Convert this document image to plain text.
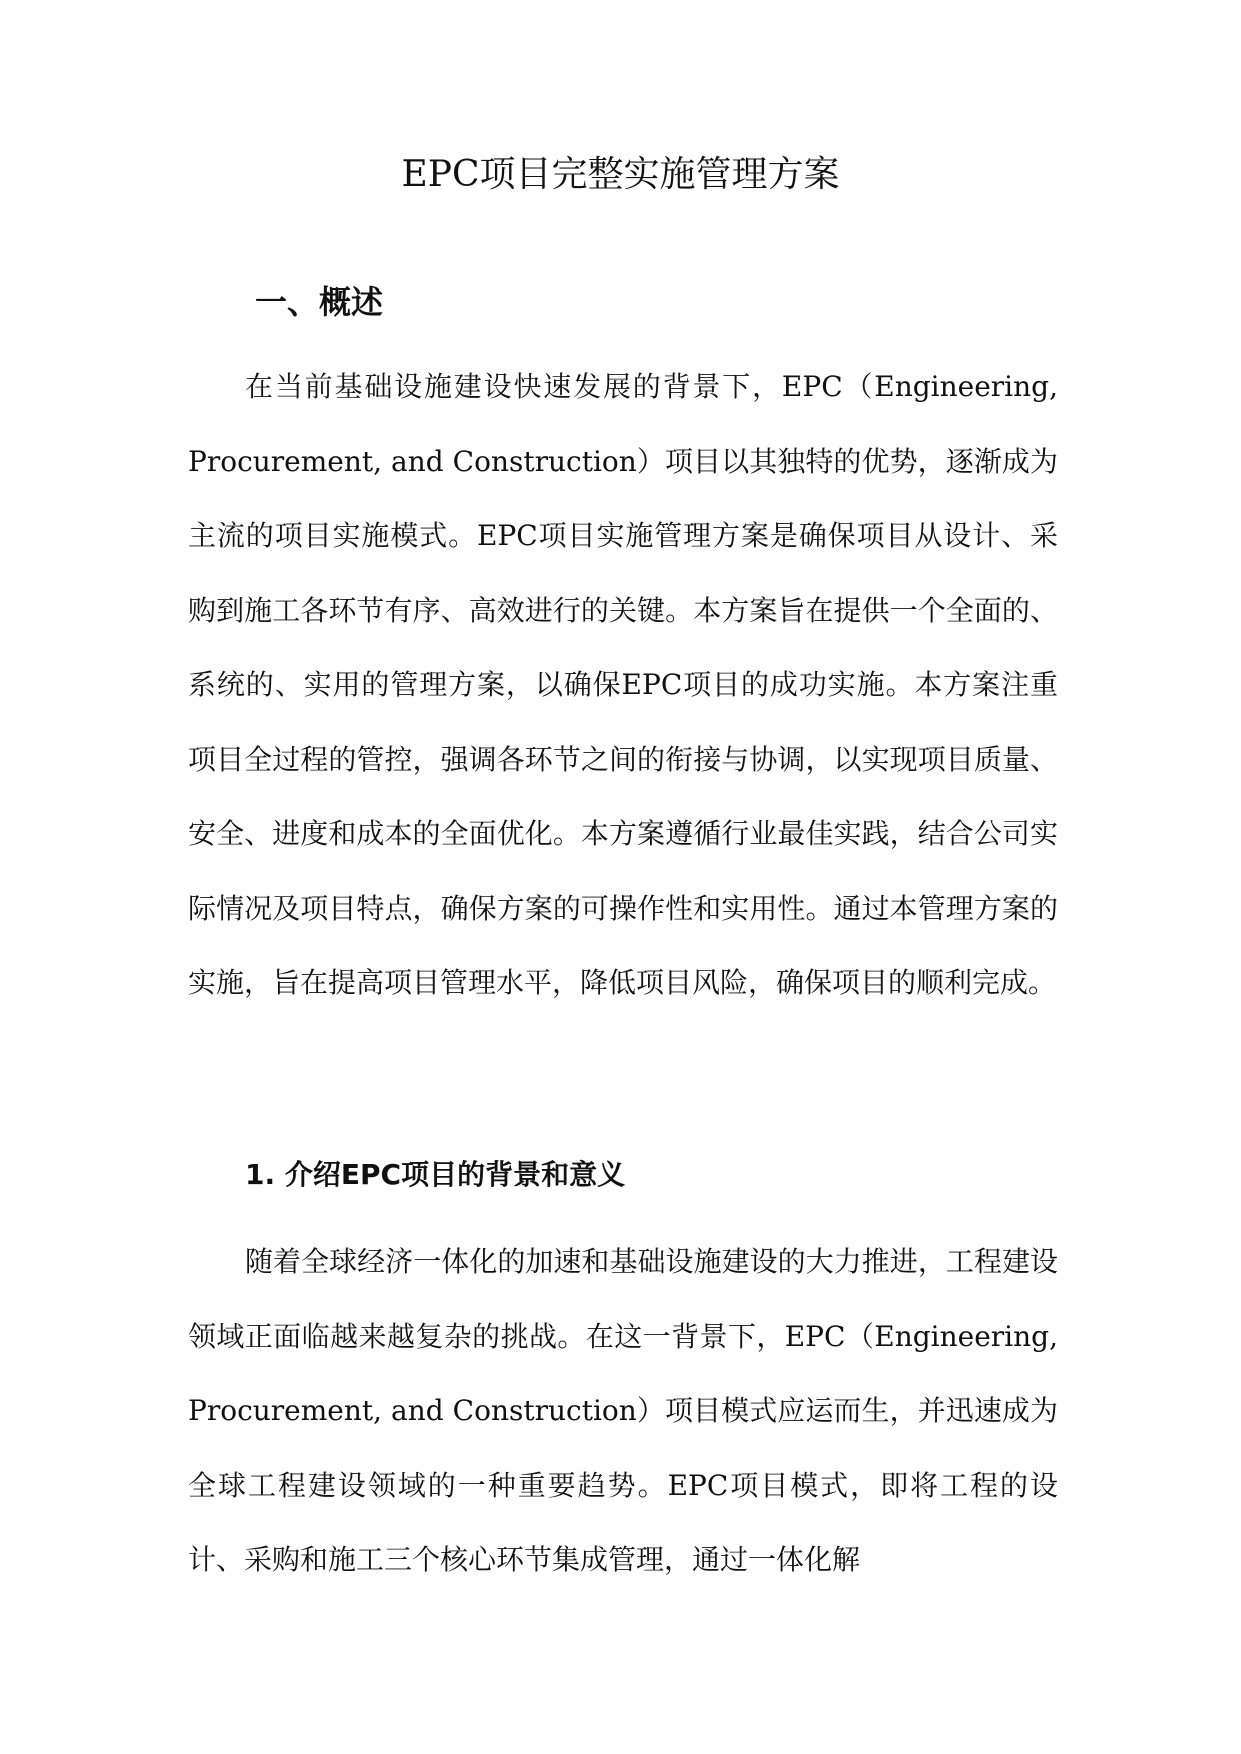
EPC项目完整实施管理方案
一、概述

在当前基础设施建设快速发展的背景下，EPC（Engineering, Procurement, and Construction）项目以其独特的优势，逐渐成为主流的项目实施模式。EPC项目实施管理方案是确保项目从设计、采购到施工各环节有序、高效进行的关键。本方案旨在提供一个全面的、系统的、实用的管理方案，以确保EPC项目的成功实施。本方案注重项目全过程的管控，强调各环节之间的衔接与协调，以实现项目质量、安全、进度和成本的全面优化。本方案遵循行业最佳实践，结合公司实际情况及项目特点，确保方案的可操作性和实用性。通过本管理方案的实施，旨在提高项目管理水平，降低项目风险，确保项目的顺利完成。

1. 介绍EPC项目的背景和意义

随着全球经济一体化的加速和基础设施建设的大力推进，工程建设领域正面临越来越复杂的挑战。在这一背景下，EPC（Engineering, Procurement, and Construction）项目模式应运而生，并迅速成为全球工程建设领域的一种重要趋势。EPC项目模式，即将工程的设计、采购和施工三个核心环节集成管理，通过一体化解
